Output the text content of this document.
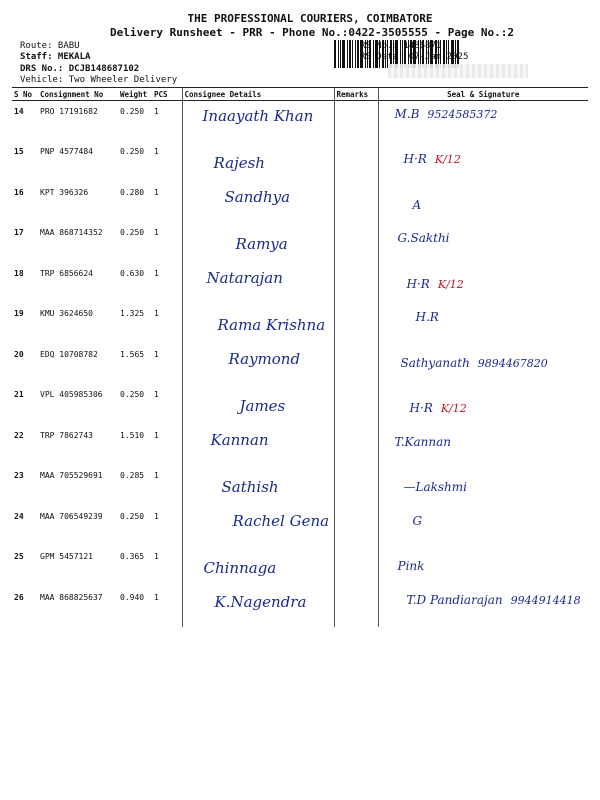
THE PROFESSIONAL COURIERS, COIMBATORE
Delivery Runsheet - PRR - Phone No.:0422-3505555 - Page No.:2
Route: BABU
Staff: MEKALA
DRS No.: DCJB148687102
Vehicle: Two Wheeler Delivery
RS No.: 1486871
RS Date: 07-Jan-2025
S No	Consignment No	Weight	PCS	Consignee Details	Remarks	Seal & Signature
14	PRO 17191682	0.250	1	Inaayath Khan		M.B 9524585372
15	PNP 4577484	0.250	1	Rajesh		H·R K/12
16	KPT 396326	0.280	1	Sandhya		A
17	MAA 868714352	0.250	1	Ramya		G.Sakthi
18	TRP 6856624	0.630	1	Natarajan		H·R K/12
19	KMU 3624650	1.325	1	Rama Krishna		H.R
20	EDQ 10708782	1.565	1	Raymond		Sathyanath 9894467820
21	VPL 405985306	0.250	1	James		H·R K/12
22	TRP 7862743	1.510	1	Kannan		T.Kannan
23	MAA 705529691	0.285	1	Sathish		—Lakshmi
24	MAA 706549239	0.250	1	Rachel Gena		G
25	GPM 5457121	0.365	1	Chinnaga		Pink
26	MAA 868825637	0.940	1	K.Nagendra		T.D Pandiarajan 9944914418
